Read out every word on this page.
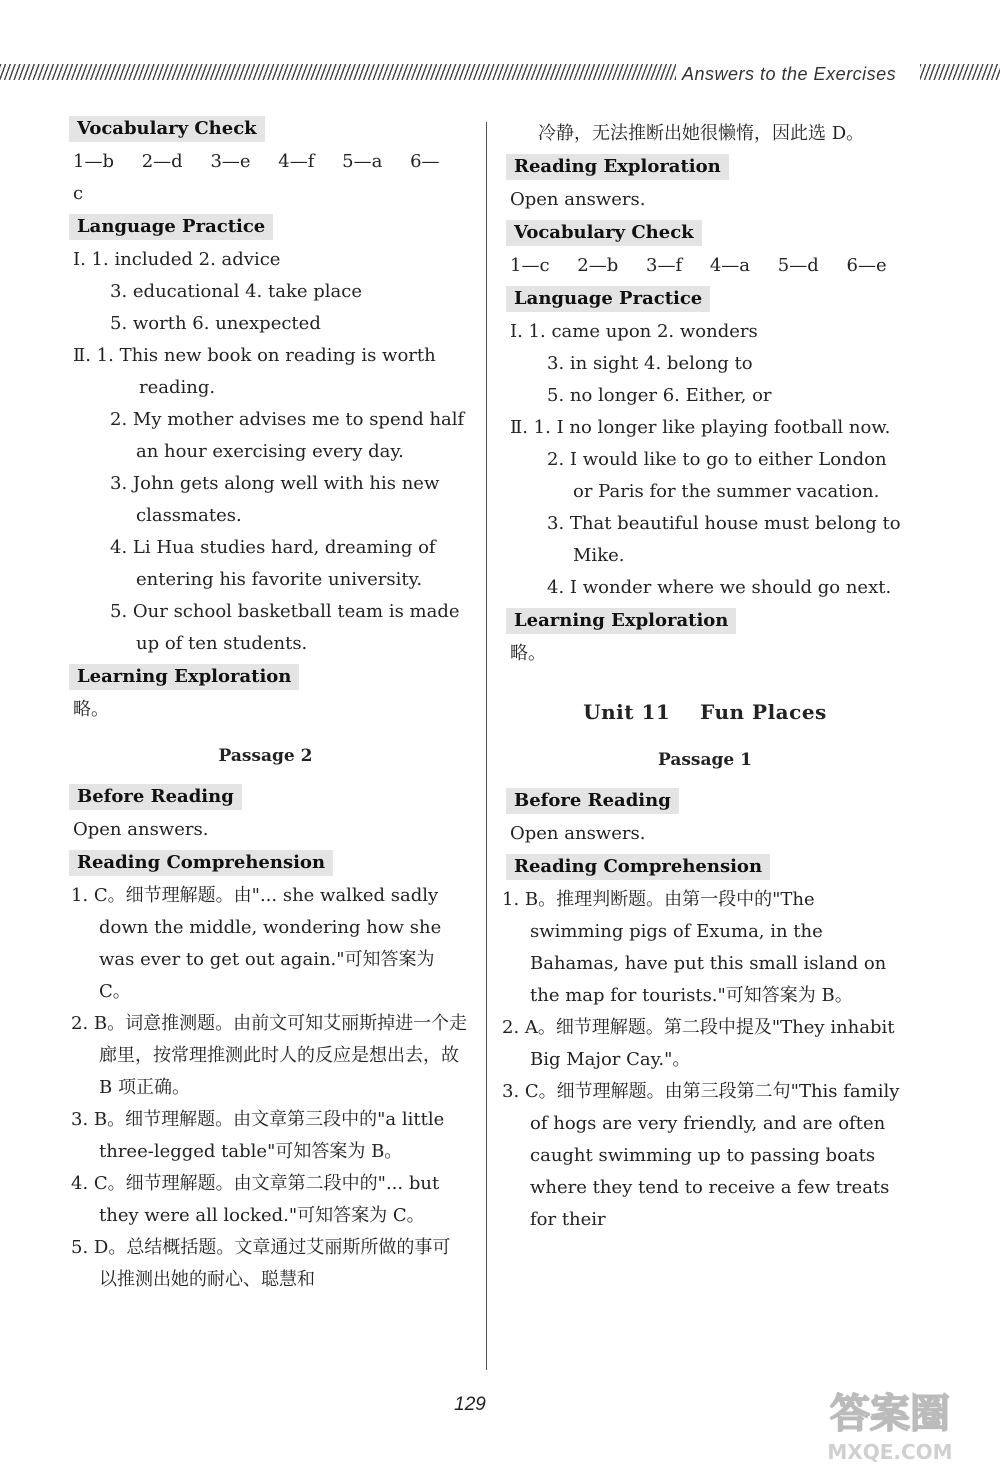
Answers to the Exercises
Vocabulary Check

1—b 2—d 3—e 4—f 5—a 6—c

Language Practice

Ⅰ. 1. included 2. advice

3. educational 4. take place

5. worth 6. unexpected

Ⅱ. 1. This new book on reading is worth reading.

2. My mother advises me to spend half an hour exercising every day.

3. John gets along well with his new classmates.

4. Li Hua studies hard, dreaming of entering his favorite university.

5. Our school basketball team is made up of ten students.

Learning Exploration

略。

Passage 2
Before Reading

Open answers.

Reading Comprehension

1. C。细节理解题。由"... she walked sadly down the middle, wondering how she was ever to get out again."可知答案为 C。

2. B。词意推测题。由前文可知艾丽斯掉进一个走廊里，按常理推测此时人的反应是想出去，故 B 项正确。

3. B。细节理解题。由文章第三段中的"a little three-legged table"可知答案为 B。

4. C。细节理解题。由文章第二段中的"... but they were all locked."可知答案为 C。

5. D。总结概括题。文章通过艾丽斯所做的事可以推测出她的耐心、聪慧和

冷静，无法推断出她很懒惰，因此选 D。

Reading Exploration

Open answers.

Vocabulary Check

1—c 2—b 3—f 4—a 5—d 6—e

Language Practice

Ⅰ. 1. came upon 2. wonders

3. in sight 4. belong to

5. no longer 6. Either, or

Ⅱ. 1. I no longer like playing football now.

2. I would like to go to either London or Paris for the summer vacation.

3. That beautiful house must belong to Mike.

4. I wonder where we should go next.

Learning Exploration

略。

Unit 11    Fun Places
Passage 1
Before Reading

Open answers.

Reading Comprehension

1. B。推理判断题。由第一段中的"The swimming pigs of Exuma, in the Bahamas, have put this small island on the map for tourists."可知答案为 B。

2. A。细节理解题。第二段中提及"They inhabit Big Major Cay."。

3. C。细节理解题。由第三段第二句"This family of hogs are very friendly, and are often caught swimming up to passing boats where they tend to receive a few treats for their

129	答案圈
MXQE.COM
